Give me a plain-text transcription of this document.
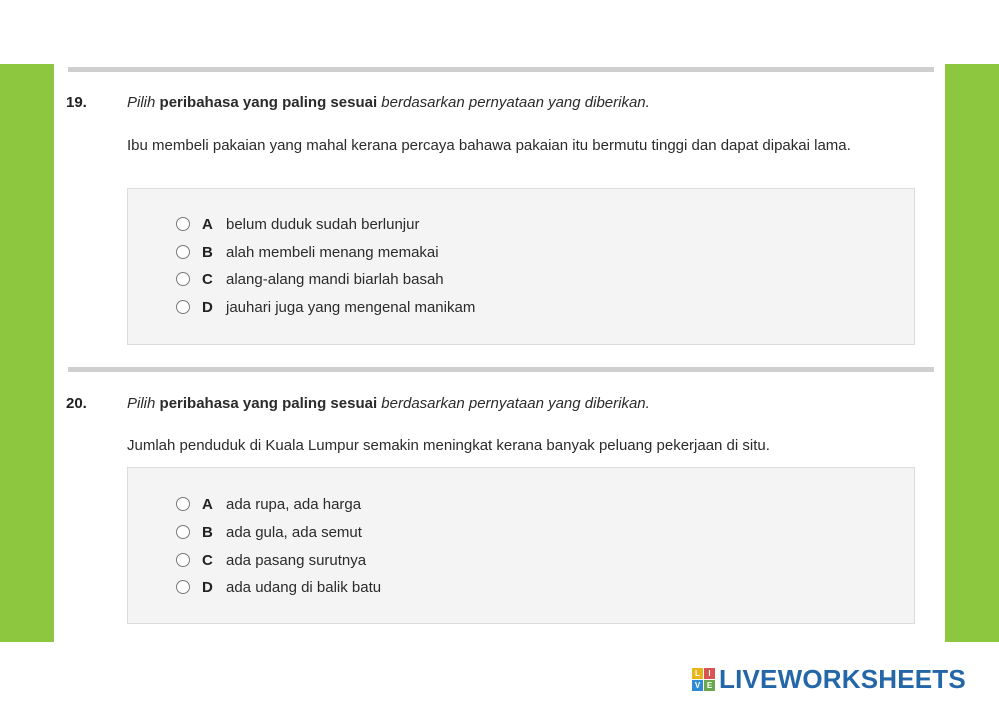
19.	Pilih peribahasa yang paling sesuai berdasarkan pernyataan yang diberikan.
Ibu membeli pakaian yang mahal kerana percaya bahawa pakaian itu bermutu tinggi dan dapat dipakai lama.
A belum duduk sudah berlunjur
B alah membeli menang memakai
C alang-alang mandi biarlah basah
D jauhari juga yang mengenal manikam
20.	Pilih peribahasa yang paling sesuai berdasarkan pernyataan yang diberikan.
Jumlah penduduk di Kuala Lumpur semakin meningkat kerana banyak peluang pekerjaan di situ.
A ada rupa, ada harga
B ada gula, ada semut
C ada pasang surutnya
D ada udang di balik batu
L	I
V E LIVEWORKSHEETS
